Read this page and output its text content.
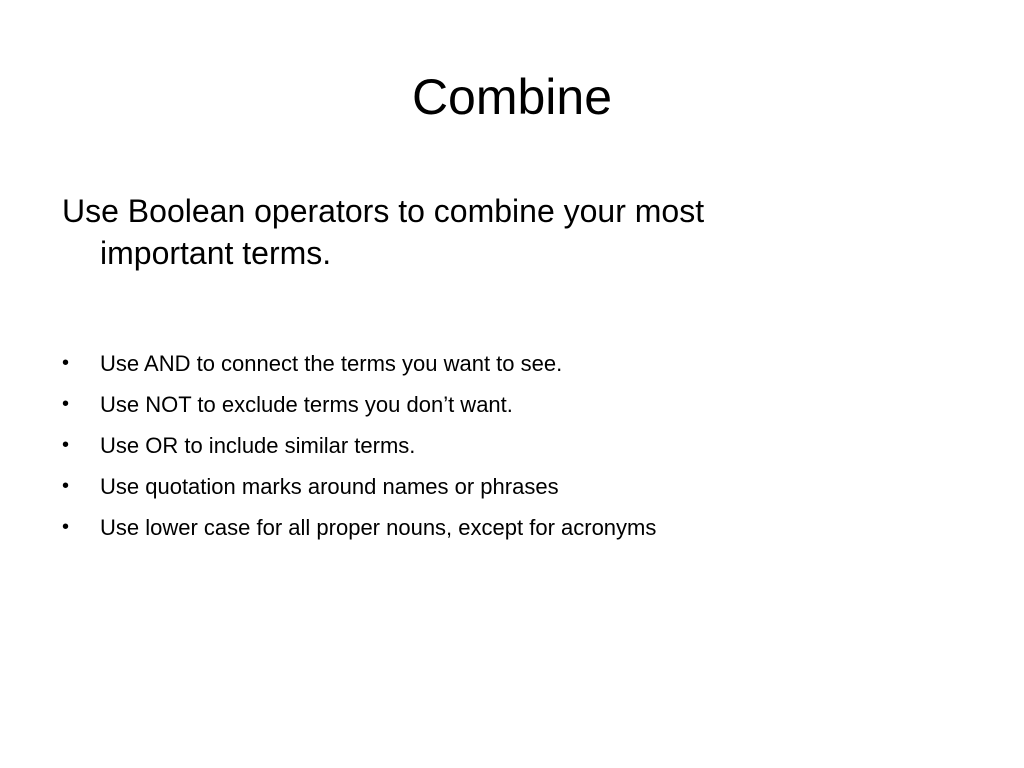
Combine
Use Boolean operators to combine your most
important terms.
•	Use AND to connect the terms you want to see.
•	Use NOT to exclude terms you don’t want.
•	Use OR to include similar terms.
•	Use quotation marks around names or phrases
•	Use lower case for all proper nouns, except for acronyms
